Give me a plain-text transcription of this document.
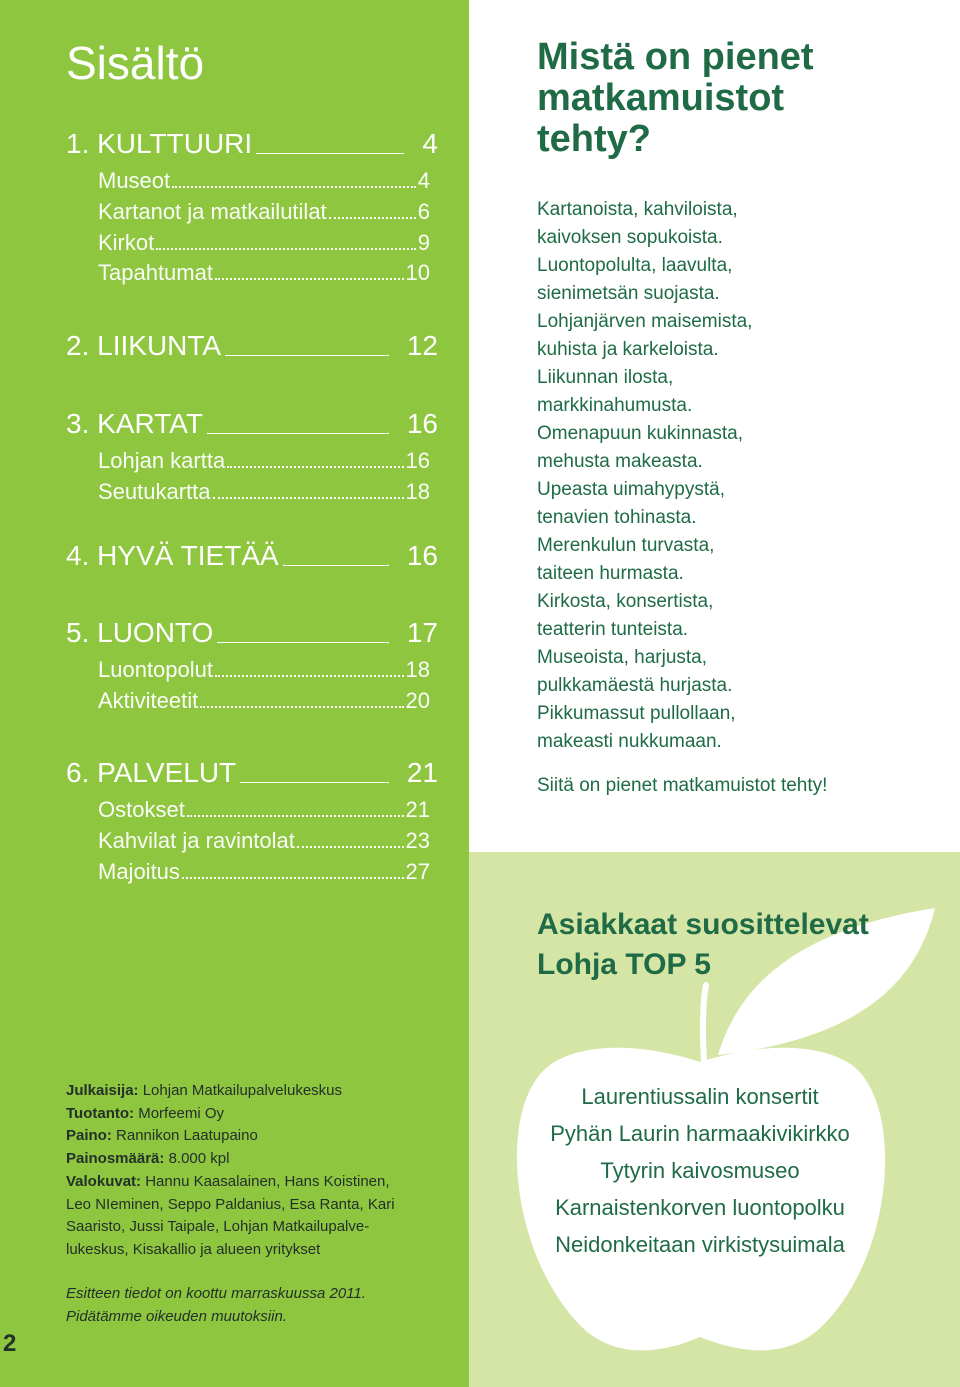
Sisältö
1. KULTTUURI	4
Museot	4
Kartanot ja matkailutilat	6
Kirkot	9
Tapahtumat	10
2. LIIKUNTA	12
3. KARTAT	16
Lohjan kartta	16
Seutukartta	18
4. HYVÄ TIETÄÄ	16
5. LUONTO	17
Luontopolut	18
Aktiviteetit	20
6. PALVELUT	21
Ostokset	21
Kahvilat ja ravintolat	23
Majoitus	27
Mistä on pienet
matkamuistot
tehty?
Kartanoista, kahviloista,
kaivoksen sopukoista.
Luontopolulta, laavulta,
sienimetsän suojasta.
Lohjanjärven maisemista,
kuhista ja karkeloista.
Liikunnan ilosta,
markkinahumusta.
Omenapuun kukinnasta,
mehusta makeasta.
Upeasta uimahypystä,
tenavien tohinasta.
Merenkulun turvasta,
taiteen hurmasta.
Kirkosta, konsertista,
teatterin tunteista.
Museoista, harjusta,
pulkkamäestä hurjasta.
Pikkumassut pullollaan,
makeasti nukkumaan.
Siitä on pienet matkamuistot tehty!
Asiakkaat suosittelevat
Lohja TOP 5
Laurentiussalin konsertit
Pyhän Laurin harmaakivikirkko
Tytyrin kaivosmuseo
Karnaistenkorven luontopolku
Neidonkeitaan virkistysuimala
Julkaisija: Lohjan Matkailupalvelukeskus
Tuotanto: Morfeemi Oy
Paino: Rannikon Laatupaino
Painosmäärä: 8.000 kpl
Valokuvat: Hannu Kaasalainen, Hans Koistinen,
Leo NIeminen, Seppo Paldanius, Esa Ranta, Kari
Saaristo, Jussi Taipale, Lohjan Matkailupalve-
lukeskus, Kisakallio ja alueen yritykset
Esitteen tiedot on koottu marraskuussa 2011.
Pidätämme oikeuden muutoksiin.
2
